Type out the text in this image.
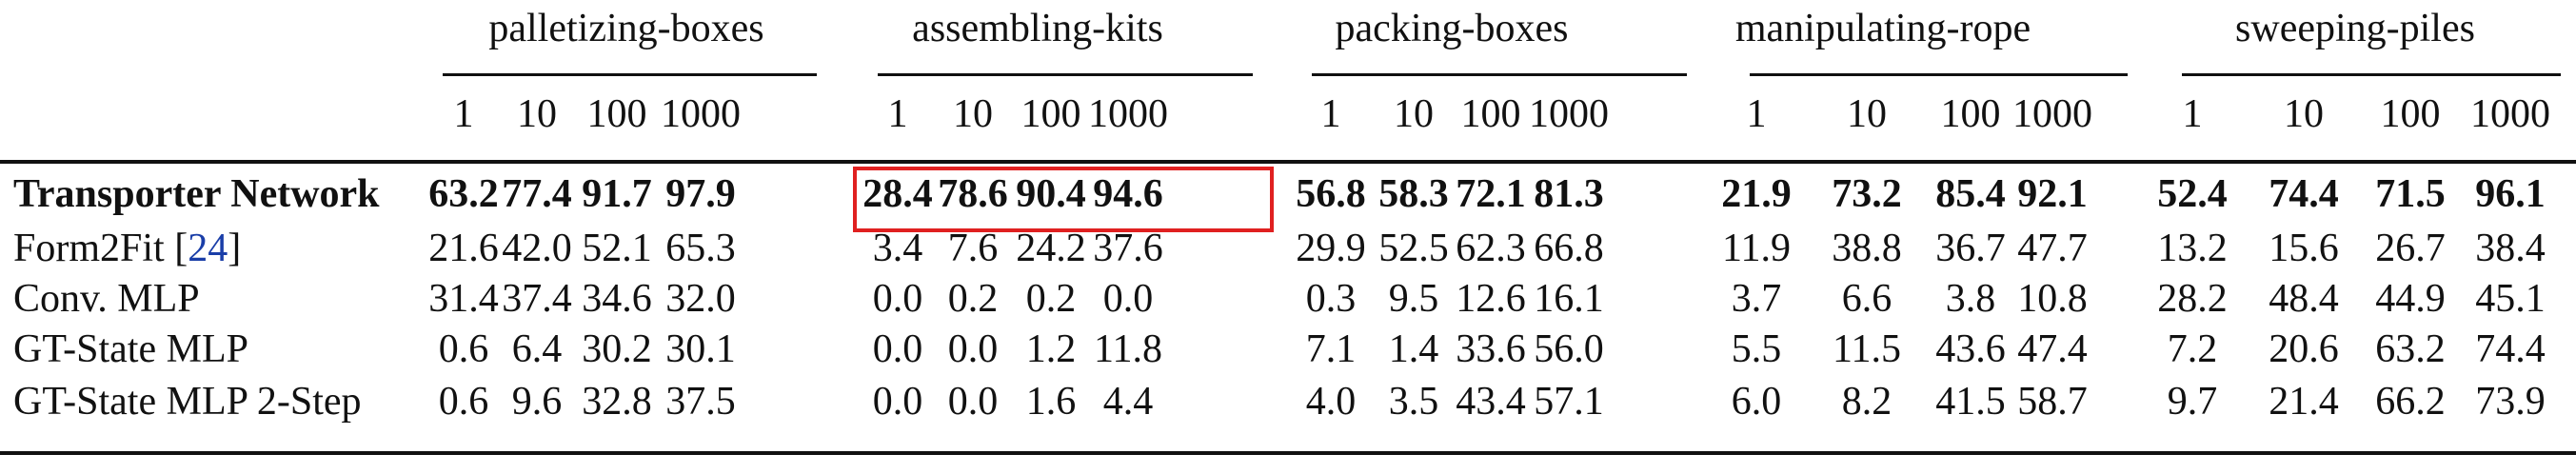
palletizing-boxes	assembling-kits	packing-boxes	manipulating-rope	sweeping-piles
1	10 100 1000	1	10 100 1000	1	10 100 1000	1	10	100 1000	1	10	100 1000
Transporter Network	63.2 77.4 91.7 97.9	28.4 78.6 90.4 94.6	56.8 58.3 72.1 81.3	21.9	73.2 85.4 92.1	52.4	74.4 71.5 96.1
Form2Fit [24]	21.6 42.0 52.1 65.3	3.4 7.6 24.2 37.6	29.9 52.5 62.3 66.8	11.9	38.8 36.7 47.7	13.2	15.6 26.7 38.4
Conv. MLP	31.4 37.4 34.6 32.0	0.0 0.2 0.2 0.0	0.3 9.5 12.6 16.1	3.7	6.6	3.8 10.8	28.2	48.4 44.9 45.1
GT-State MLP	0.6 6.4 30.2 30.1	0.0 0.0 1.2 11.8	7.1 1.4 33.6 56.0	5.5	11.5 43.6 47.4	7.2	20.6 63.2 74.4
GT-State MLP 2-Step	0.6 9.6 32.8 37.5	0.0 0.0 1.6 4.4	4.0 3.5 43.4 57.1	6.0	8.2	41.5 58.7	9.7	21.4 66.2 73.9
